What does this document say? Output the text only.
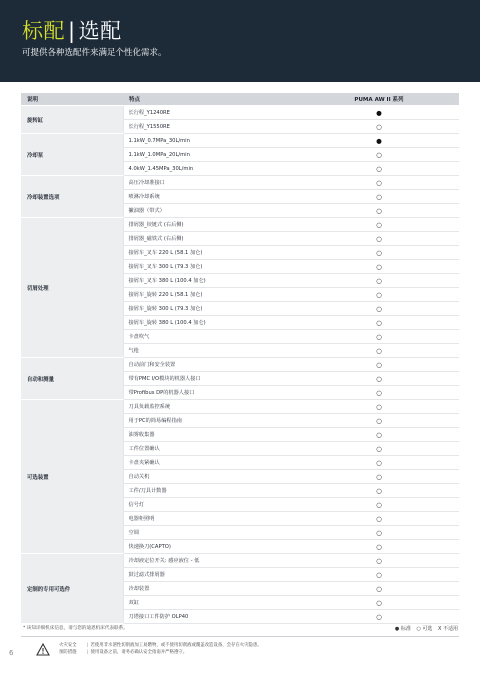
标配 | 选配

可提供各种选配件来满足个性化需求。

说明	特点	PUMA AW II 系列
旋转缸	长行程_Y1240RE	●
	长行程_Y1550RE	○
冷却泵	1.1kW_0.7MPa_30L/min	●
	1.1kW_1.0MPa_20L/min	○
	4.0kW_1.45MPa_30L/min	○
冷却装置选项	高压冷却准接口	○
	喷淋冷却系统	○
	撇油器（带式）	○
切屑处理	排屑器_铰链式 (右后侧)	○
	排屑器_磁铁式 (右后侧)	○
	接屑车_叉车 220 L (58.1 加仑)	○
	接屑车_叉车 300 L (79.3 加仑)	○
	接屑车_叉车 380 L (100.4 加仑)	○
	接屑车_旋转 220 L (58.1 加仑)	○
	接屑车_旋转 300 L (79.3 加仑)	○
	接屑车_旋转 380 L (100.4 加仑)	○
	卡盘吹气	○
	气枪	○
自动和测量	自动前门和安全装置	○
	带有PMC I/O模块的机器人接口	○
	带Profibus DP的机器人接口	○
可选装置	刀具负载监控系统	○
	用于PC的简易编程指南	○
	油雾收集器	○
	工件位置确认	○
	卡盘夹紧确认	○
	自动关机	○
	工件/刀具计数器	○
	信号灯	○
	电器柜照明	○
	空调	○
	快速换刀(CAPTO)	○
定制的专用可选件	冷却液定位开关: 感应液位 - 低	○
	鼓过滤式排屑器	○
	冷却装置	○
	双缸	○
	刀塔接口工件防护 OLP40	○

* 该知详细机床信息，请与您的迪恩机床代表联系。	● 标准 ○ 可选 X 不适用
6
火灾安全 | 若使用非水溶性切削液加工易燃物，或不使用切削液或覆盖改造设备，会存在火灾隐患。
预防措施 | 使用设备之前，请务必确认安全指南并严格遵守。
